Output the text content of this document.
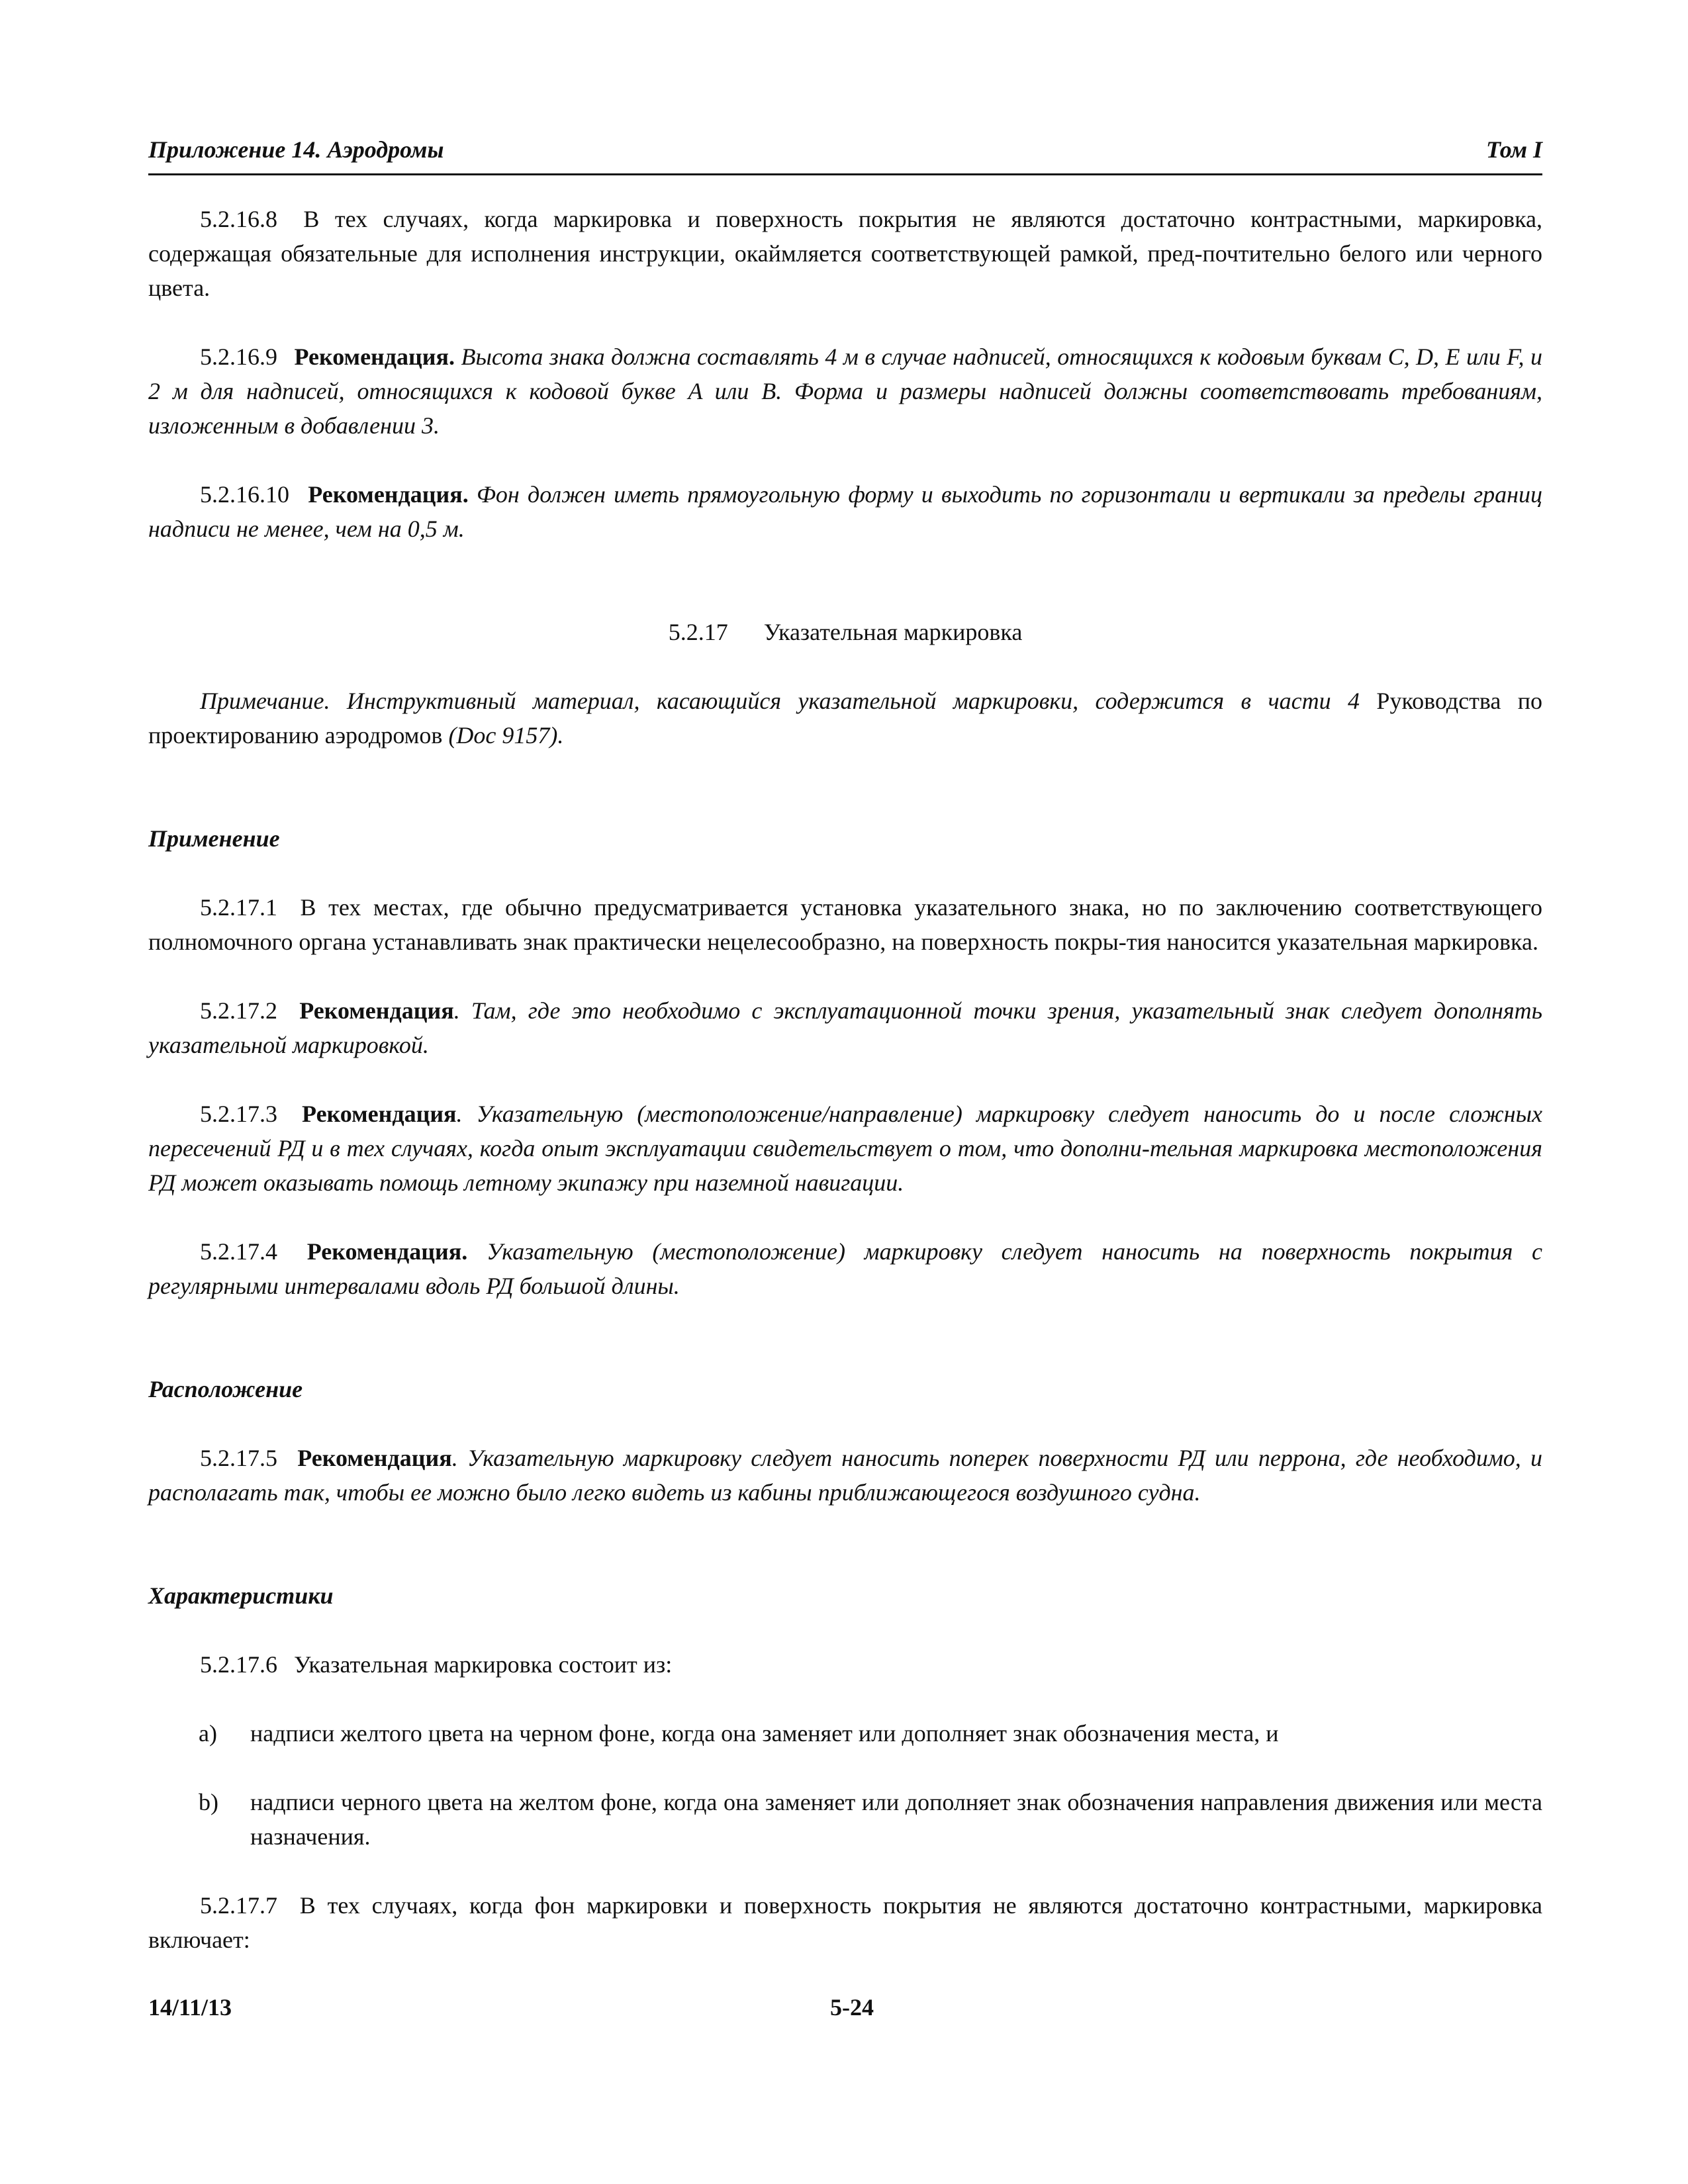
Приложение 14. Аэродромы	Том I

5.2.16.8 В тех случаях, когда маркировка и поверхность покрытия не являются достаточно контрастными, маркировка, содержащая обязательные для исполнения инструкции, окаймляется соответствующей рамкой, пред-почтительно белого или черного цвета.

5.2.16.9 Рекомендация. Высота знака должна составлять 4 м в случае надписей, относящихся к кодовым буквам C, D, E или F, и 2 м для надписей, относящихся к кодовой букве A или B. Форма и размеры надписей должны соответствовать требованиям, изложенным в добавлении 3.

5.2.16.10 Рекомендация. Фон должен иметь прямоугольную форму и выходить по горизонтали и вертикали за пределы границ надписи не менее, чем на 0,5 м.

5.2.17      Указательная маркировка

Примечание. Инструктивный материал, касающийся указательной маркировки, содержится в части 4 Руководства по проектированию аэродромов (Doc 9157).

Применение

5.2.17.1 В тех местах, где обычно предусматривается установка указательного знака, но по заключению соответствующего полномочного органа устанавливать знак практически нецелесообразно, на поверхность покры-тия наносится указательная маркировка.

5.2.17.2 Рекомендация. Там, где это необходимо с эксплуатационной точки зрения, указательный знак следует дополнять указательной маркировкой.

5.2.17.3 Рекомендация. Указательную (местоположение/направление) маркировку следует наносить до и после сложных пересечений РД и в тех случаях, когда опыт эксплуатации свидетельствует о том, что дополни-тельная маркировка местоположения РД может оказывать помощь летному экипажу при наземной навигации.

5.2.17.4 Рекомендация. Указательную (местоположение) маркировку следует наносить на поверхность покрытия с регулярными интервалами вдоль РД большой длины.

Расположение

5.2.17.5 Рекомендация. Указательную маркировку следует наносить поперек поверхности РД или перрона, где необходимо, и располагать так, чтобы ее можно было легко видеть из кабины приближающегося воздушного судна.

Характеристики

5.2.17.6 Указательная маркировка состоит из:

a) надписи желтого цвета на черном фоне, когда она заменяет или дополняет знак обозначения места, и

b) надписи черного цвета на желтом фоне, когда она заменяет или дополняет знак обозначения направления движения или места назначения.

5.2.17.7 В тех случаях, когда фон маркировки и поверхность покрытия не являются достаточно контрастными, маркировка включает:

14/11/13	5-24
